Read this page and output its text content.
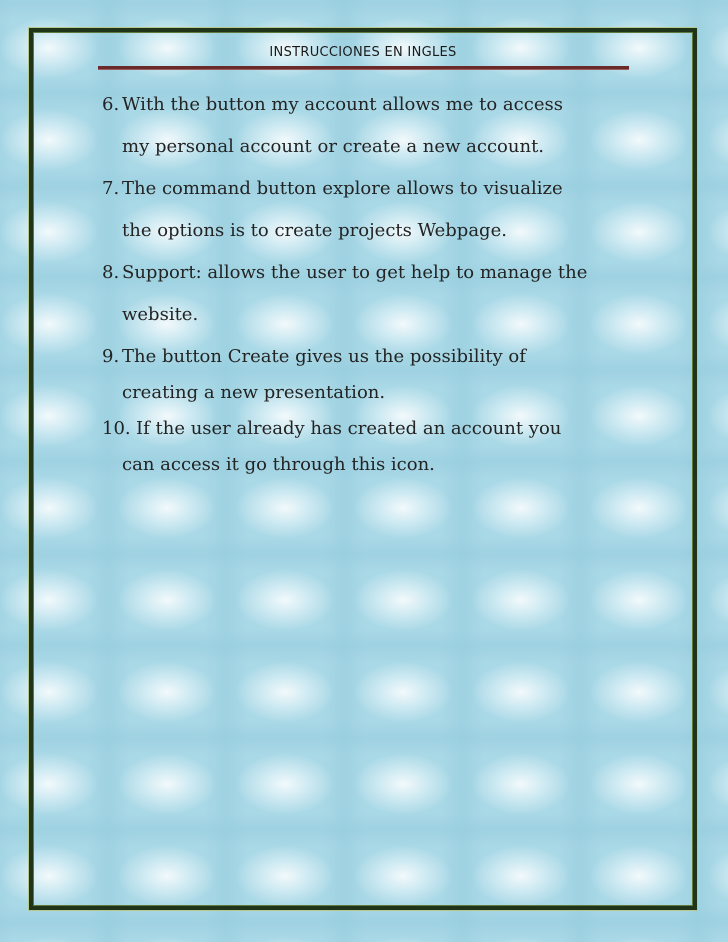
INSTRUCCIONES EN INGLES
6. With the button my account allows me to access
my personal account or create a new account.
7. The command button explore allows to visualize
the options is to create projects Webpage.
8. Support: allows the user to get help to manage the
website.
9. The button Create gives us the possibility of
creating a new presentation.
10. If the user already has created an account you
can access it go through this icon.
